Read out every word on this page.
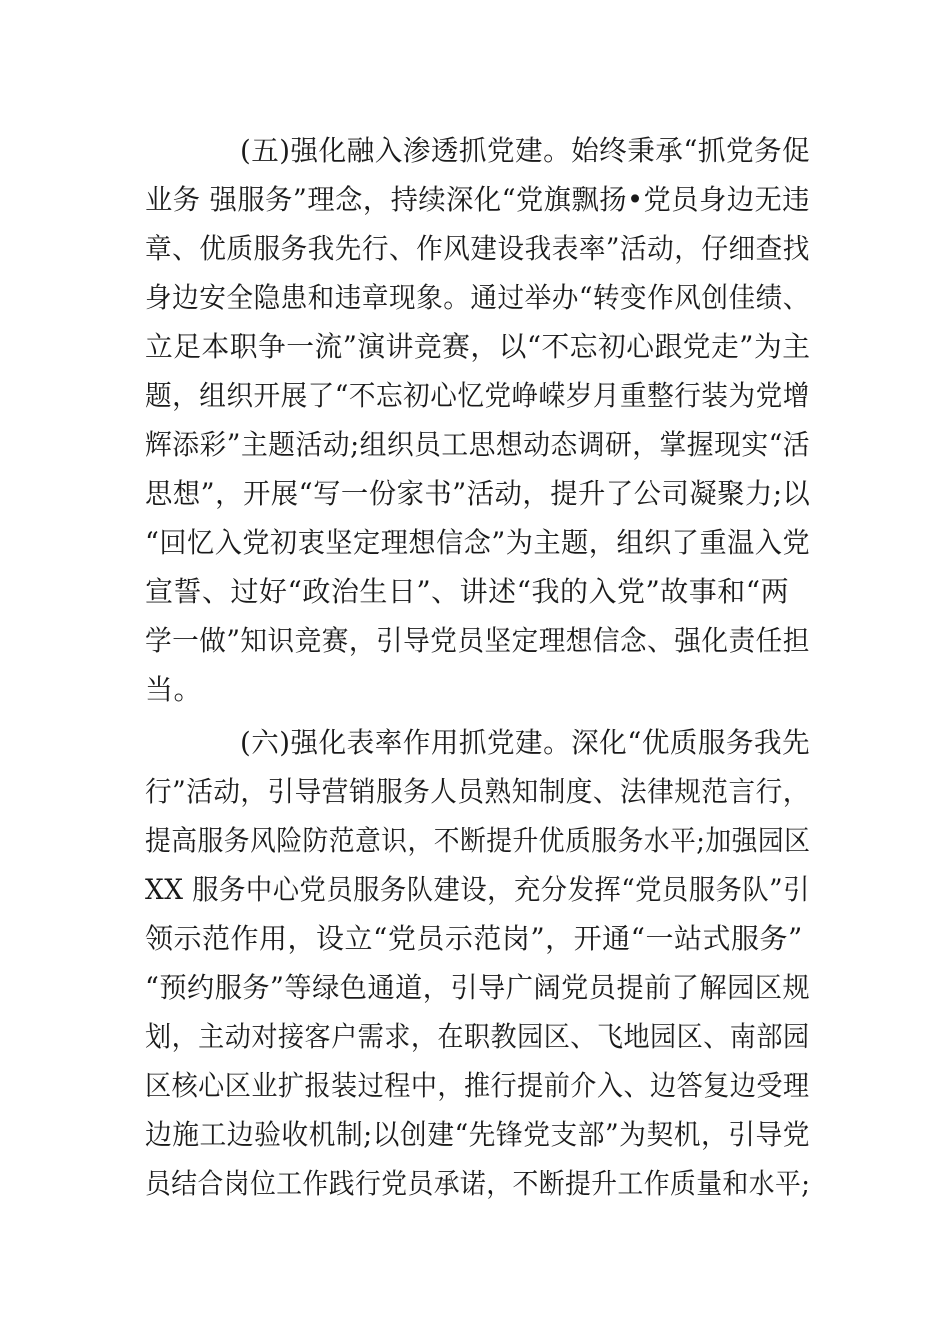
(五)强化融入渗透抓党建。始终秉承“抓党务促
业务 强服务”理念，持续深化“党旗飘扬•党员身边无违
章、优质服务我先行、作风建设我表率”活动，仔细查找
身边安全隐患和违章现象。通过举办“转变作风创佳绩、
立足本职争一流”演讲竞赛，以“不忘初心跟党走”为主
题，组织开展了“不忘初心忆党峥嵘岁月重整行装为党增
辉添彩”主题活动;组织员工思想动态调研，掌握现实“活
思想”，开展“写一份家书”活动，提升了公司凝聚力;以
“回忆入党初衷坚定理想信念”为主题，组织了重温入党
宣誓、过好“政治生日”、讲述“我的入党”故事和“两
学一做”知识竞赛，引导党员坚定理想信念、强化责任担
当。
(六)强化表率作用抓党建。深化“优质服务我先
行”活动，引导营销服务人员熟知制度、法律规范言行，
提高服务风险防范意识，不断提升优质服务水平;加强园区
XX 服务中心党员服务队建设，充分发挥“党员服务队”引
领示范作用，设立“党员示范岗”，开通“一站式服务”
“预约服务”等绿色通道，引导广阔党员提前了解园区规
划，主动对接客户需求，在职教园区、飞地园区、南部园
区核心区业扩报装过程中，推行提前介入、边答复边受理
边施工边验收机制;以创建“先锋党支部”为契机，引导党
员结合岗位工作践行党员承诺，不断提升工作质量和水平;
